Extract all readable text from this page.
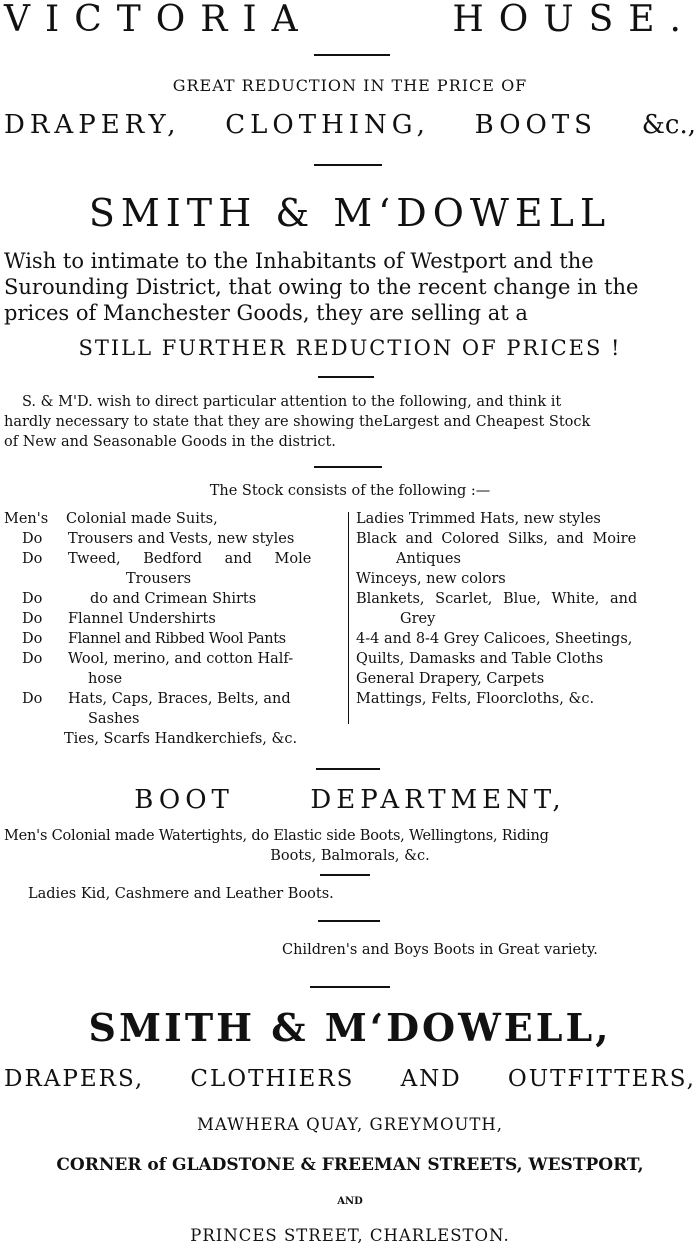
VICTORIA	HOUSE.
GREAT REDUCTION IN THE PRICE OF
DRAPERY, CLOTHING, BOOTS &c.,
SMITH & M‘DOWELL
Wish to intimate to the Inhabitants of Westport and the
Surounding District, that owing to the recent change in the
prices of Manchester Goods, they are selling at a
STILL FURTHER REDUCTION OF PRICES !
S. & M'D. wish to direct particular attention to the following, and think it
hardly necessary to state that they are showing theLargest and Cheapest Stock
of New and Seasonable Goods in the district.
The Stock consists of the following :—
Men's	Colonial made Suits,
Do	Trousers and Vests, new styles
Do	Tweed, Bedford and Mole
Trousers
Do	do and Crimean Shirts
Do	Flannel Undershirts
Do	Flannel and Ribbed Wool Pants
Do	Wool, merino, and cotton Half-
hose
Do	Hats, Caps, Braces, Belts, and
Sashes
Ties, Scarfs Handkerchiefs, &c.
Ladies Trimmed Hats, new styles
Black and Colored Silks, and Moire
Antiques
Winceys, new colors
Blankets, Scarlet, Blue, White, and
Grey
4-4 and 8-4 Grey Calicoes, Sheetings,
Quilts, Damasks and Table Cloths
General Drapery, Carpets
Mattings, Felts, Floorcloths, &c.
BOOT	DEPARTMENT,
Men's Colonial made Watertights, do Elastic side Boots, Wellingtons, Riding
Boots, Balmorals, &c.
Ladies Kid, Cashmere and Leather Boots.
Children's and Boys Boots in Great variety.
SMITH & M‘DOWELL,
DRAPERS, CLOTHIERS AND OUTFITTERS,
MAWHERA QUAY, GREYMOUTH,
CORNER of GLADSTONE & FREEMAN STREETS, WESTPORT,
AND
PRINCES STREET, CHARLESTON.
